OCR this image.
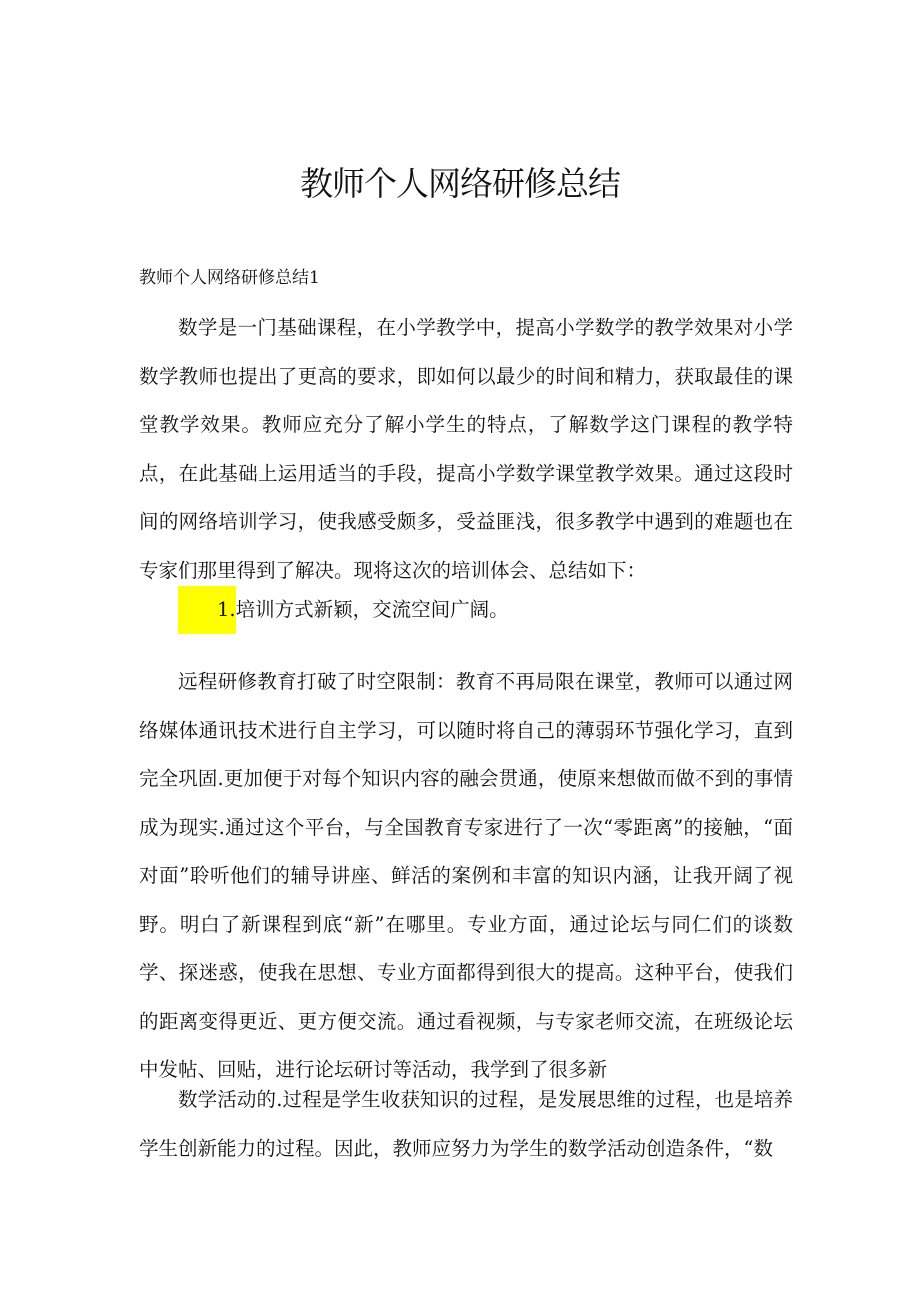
教师个人网络研修总结

教师个人网络研修总结1

数学是一门基础课程，在小学教学中，提高小学数学的教学效果对小学数学教师也提出了更高的要求，即如何以最少的时间和精力，获取最佳的课堂教学效果。教师应充分了解小学生的特点，了解数学这门课程的教学特点，在此基础上运用适当的手段，提高小学数学课堂教学效果。通过这段时间的网络培训学习，使我感受颇多，受益匪浅，很多教学中遇到的难题也在专家们那里得到了解决。现将这次的培训体会、总结如下：

1.培训方式新颖，交流空间广阔。

远程研修教育打破了时空限制：教育不再局限在课堂，教师可以通过网络媒体通讯技术进行自主学习，可以随时将自己的薄弱环节强化学习，直到完全巩固.更加便于对每个知识内容的融会贯通，使原来想做而做不到的事情成为现实.通过这个平台，与全国教育专家进行了一次“零距离”的接触，“面对面”聆听他们的辅导讲座、鲜活的案例和丰富的知识内涵，让我开阔了视野。明白了新课程到底“新”在哪里。专业方面，通过论坛与同仁们的谈数学、探迷惑，使我在思想、专业方面都得到很大的提高。这种平台，使我们的距离变得更近、更方便交流。通过看视频，与专家老师交流，在班级论坛中发帖、回贴，进行论坛研讨等活动，我学到了很多新

数学活动的.过程是学生收获知识的过程，是发展思维的过程，也是培养学生创新能力的过程。因此，教师应努力为学生的数学活动创造条件，“数
